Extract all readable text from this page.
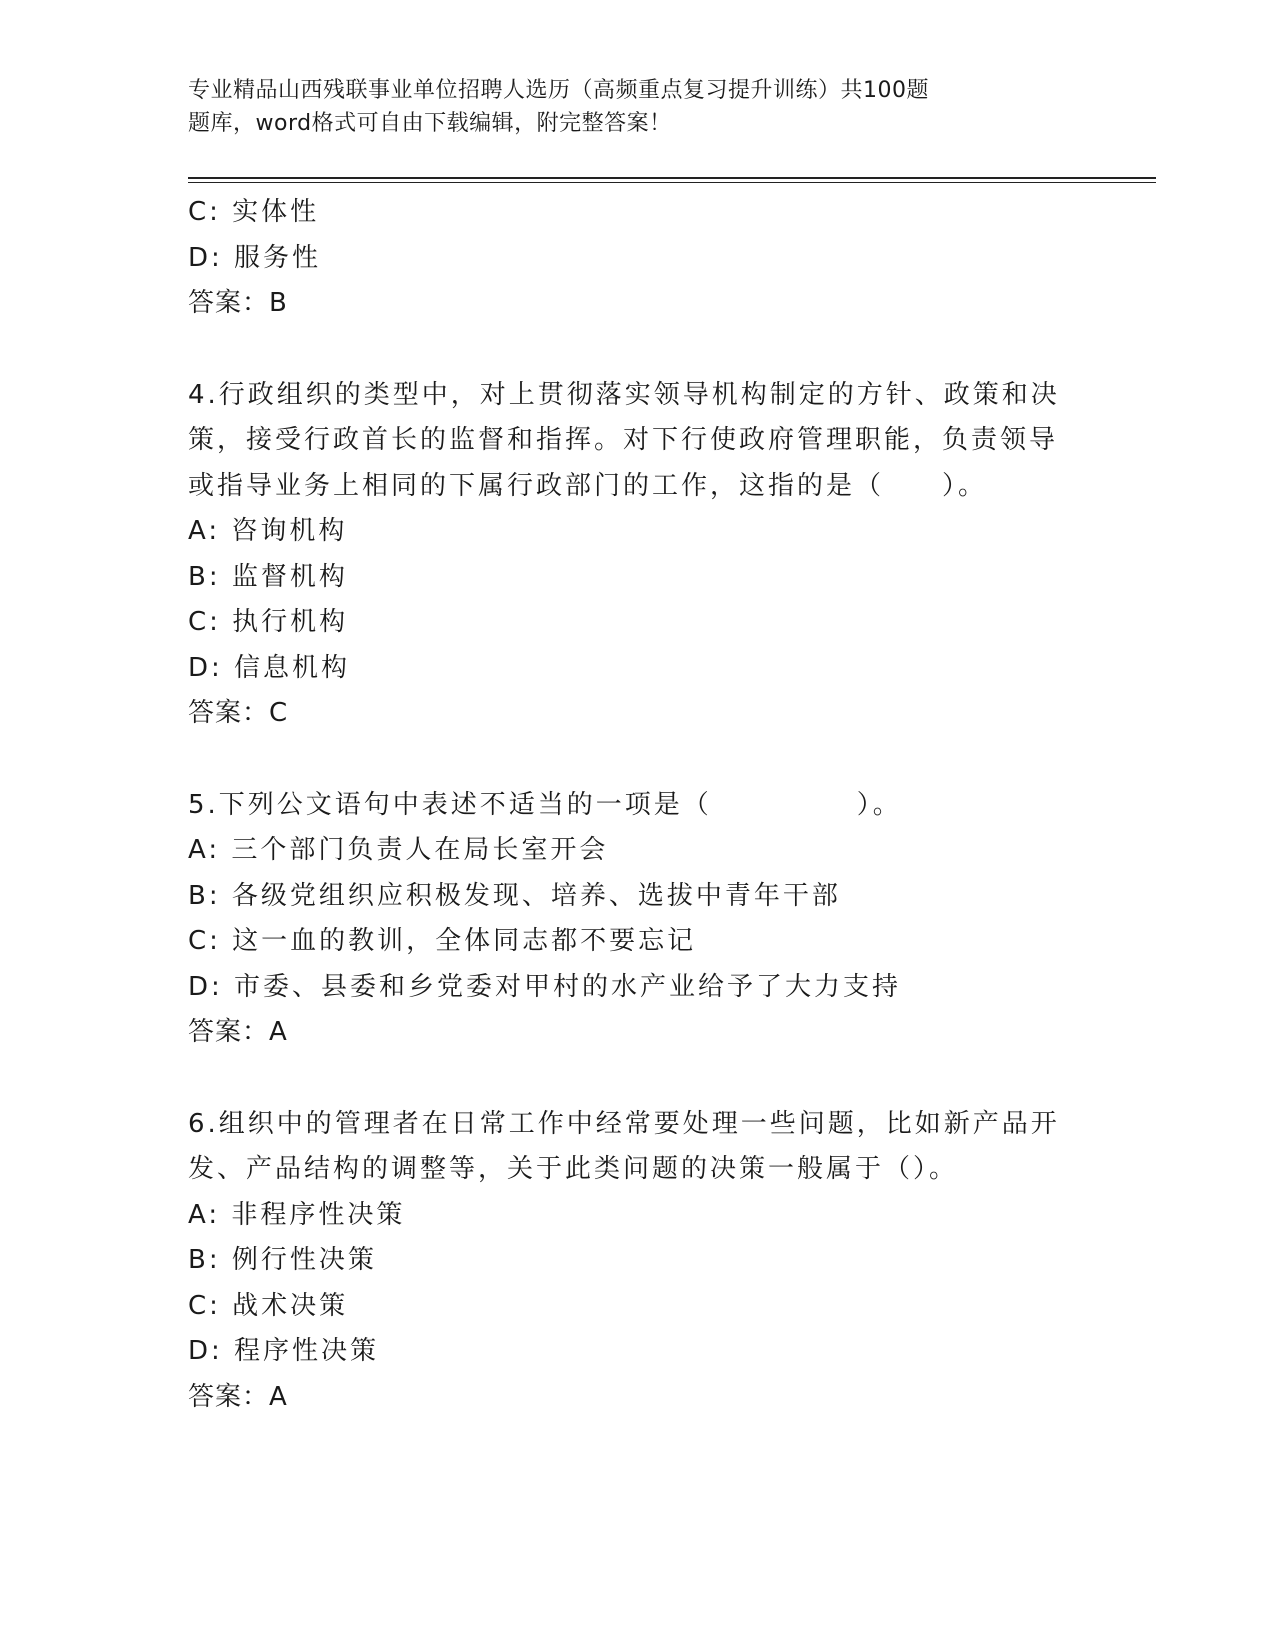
专业精品山西残联事业单位招聘人选历（高频重点复习提升训练）共100题
题库，word格式可自由下载编辑，附完整答案！
C: 实体性
D: 服务性
答案：B
4.行政组织的类型中，对上贯彻落实领导机构制定的方针、政策和决
策，接受行政首长的监督和指挥。对下行使政府管理职能，负责领导
或指导业务上相同的下属行政部门的工作，这指的是（　　）。
A: 咨询机构
B: 监督机构
C: 执行机构
D: 信息机构
答案：C
5.下列公文语句中表述不适当的一项是（　　　　　）。
A: 三个部门负责人在局长室开会
B: 各级党组织应积极发现、培养、选拔中青年干部
C: 这一血的教训，全体同志都不要忘记
D: 市委、县委和乡党委对甲村的水产业给予了大力支持
答案：A
6.组织中的管理者在日常工作中经常要处理一些问题，比如新产品开
发、产品结构的调整等，关于此类问题的决策一般属于（）。
A: 非程序性决策
B: 例行性决策
C: 战术决策
D: 程序性决策
答案：A
